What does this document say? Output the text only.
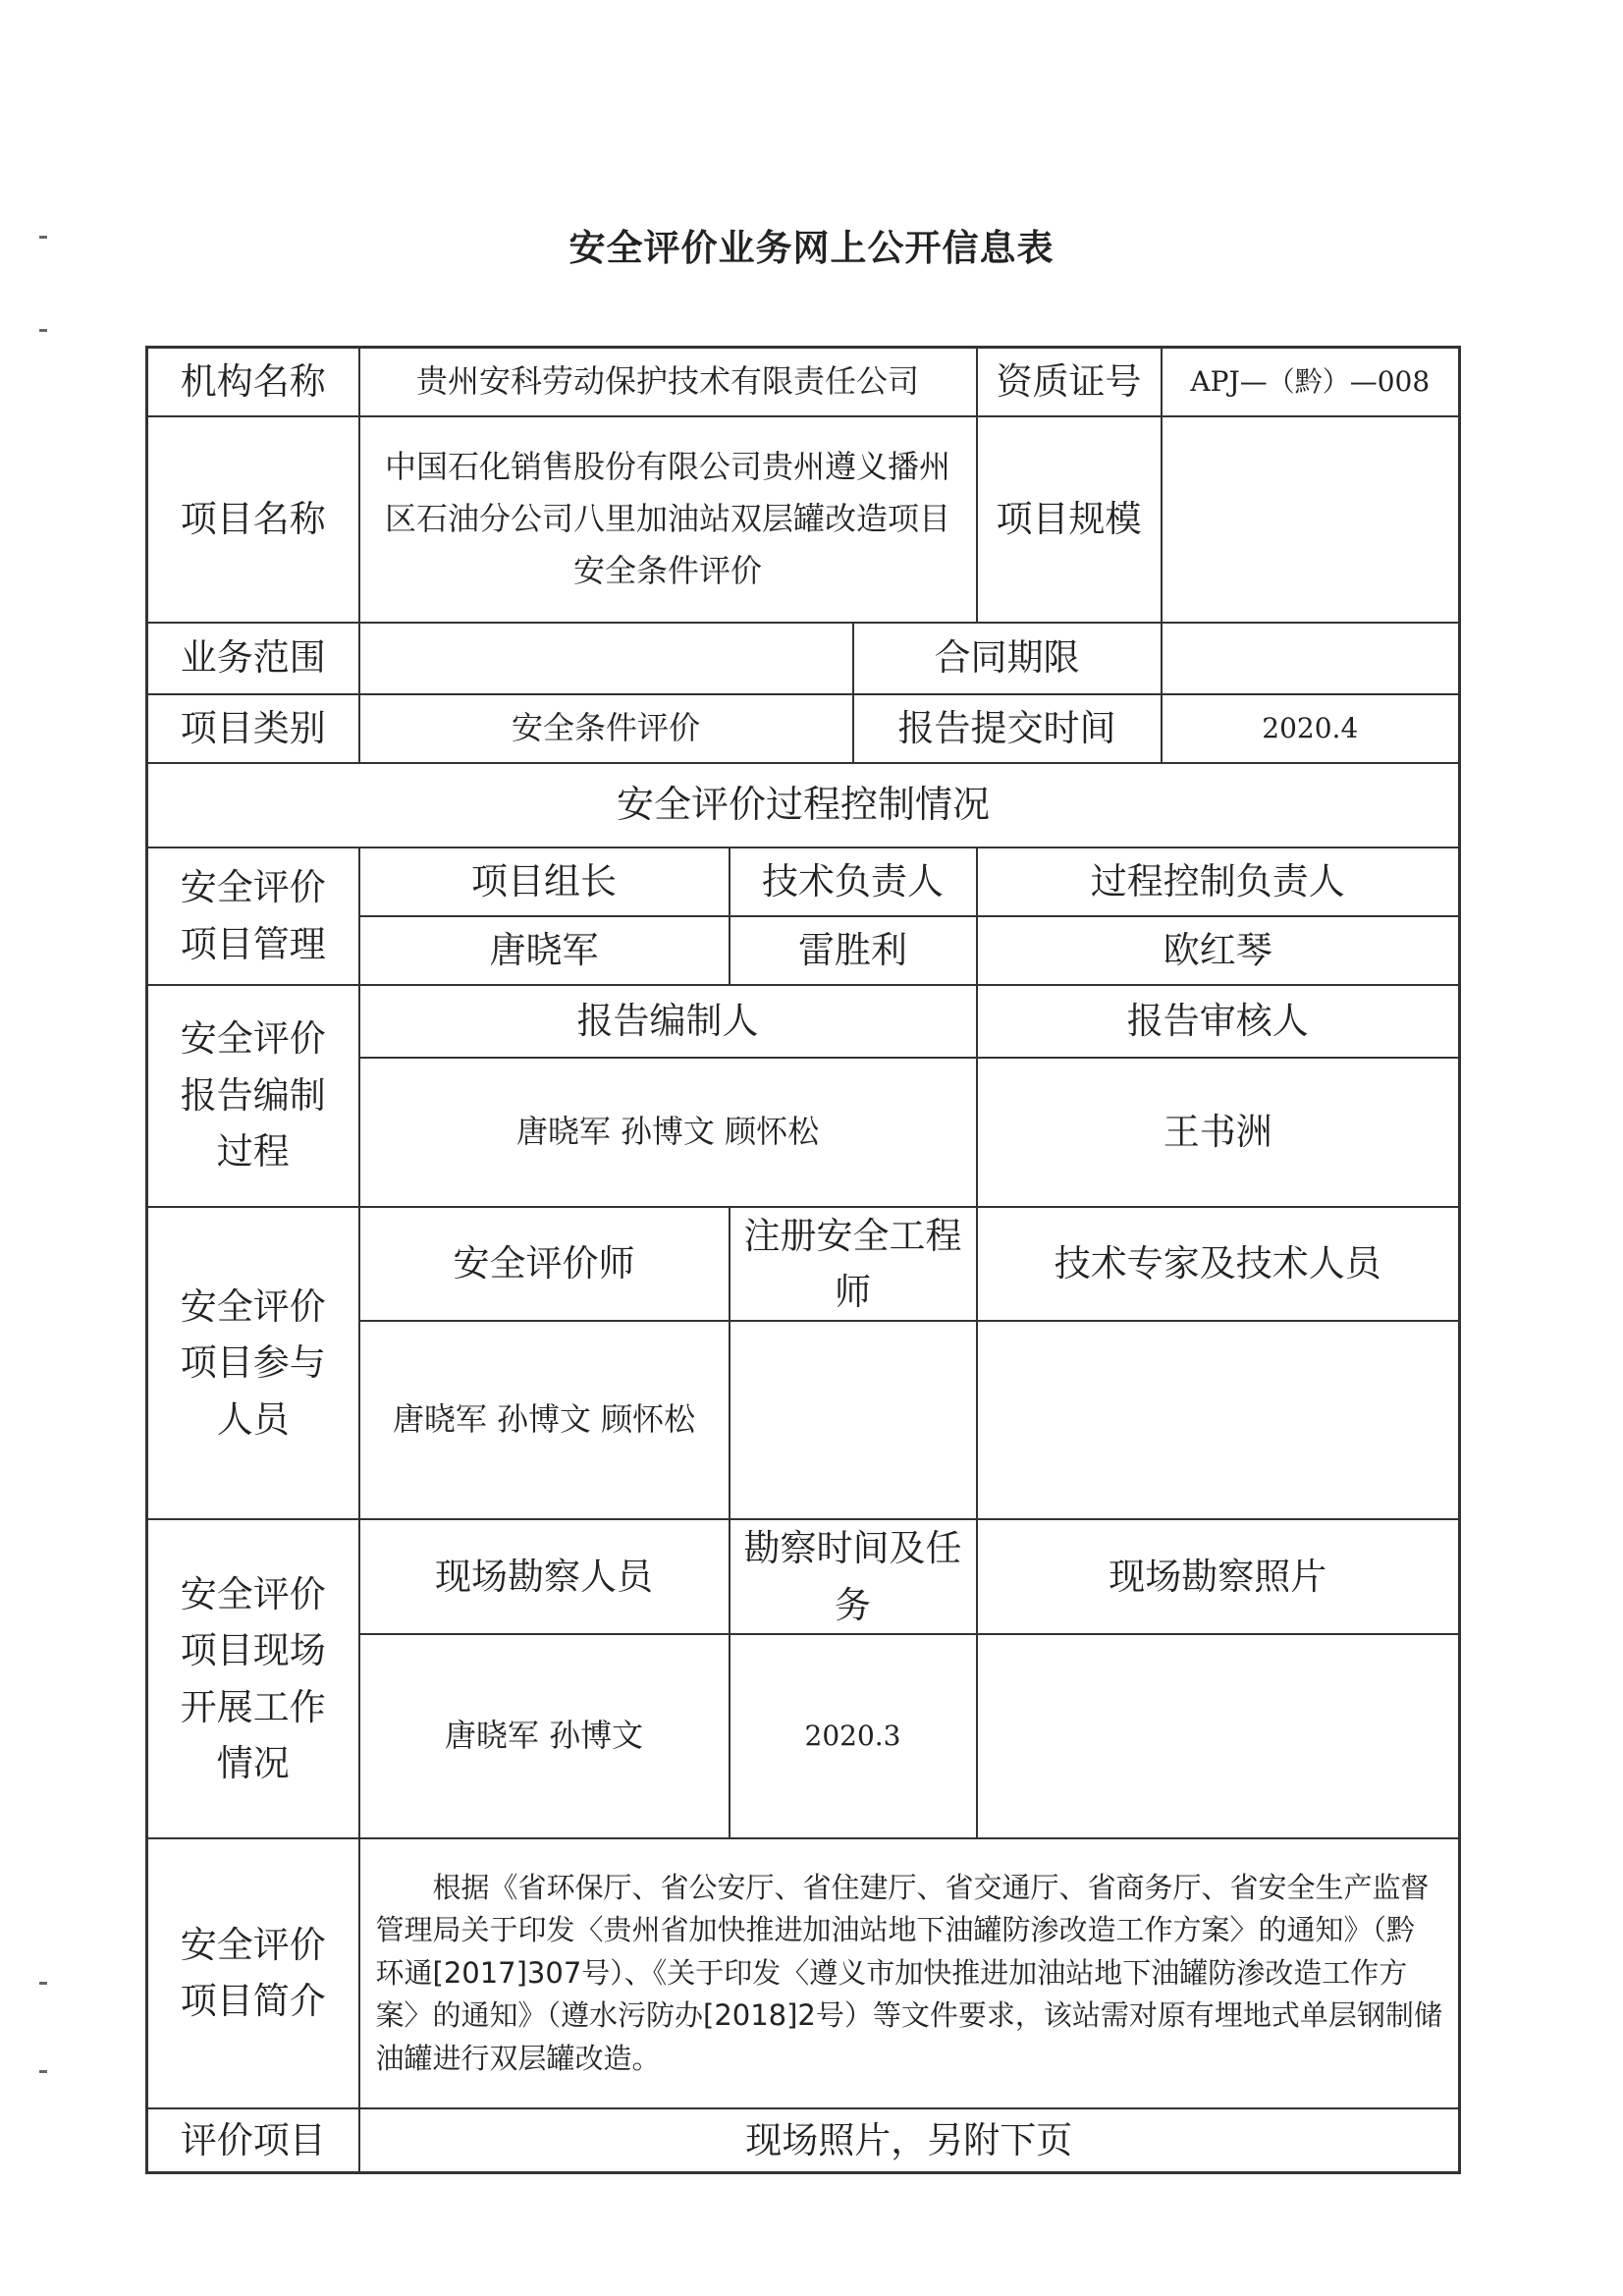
安全评价业务网上公开信息表
机构名称	贵州安科劳动保护技术有限责任公司			资质证号	APJ—（黔）—008
项目名称	中国石化销售股份有限公司贵州遵义播州区石油分公司八里加油站双层罐改造项目安全条件评价			项目规模	
业务范围			合同期限		
项目类别	安全条件评价		报告提交时间		2020.4
安全评价过程控制情况					
安全评价项目管理	项目组长	技术负责人		过程控制负责人	
	唐晓军	雷胜利		欧红琴	
安全评价报告编制过程	报告编制人			报告审核人	
	唐晓军 孙博文 顾怀松			王书洲	
安全评价项目参与人员	安全评价师	注册安全工程师		技术专家及技术人员	
	唐晓军 孙博文 顾怀松				
安全评价项目现场开展工作情况	现场勘察人员	勘察时间及任务		现场勘察照片	
	唐晓军 孙博文	2020.3			
安全评价项目简介	根据《省环保厅、省公安厅、省住建厅、省交通厅、省商务厅、省安全生产监督管理局关于印发〈贵州省加快推进加油站地下油罐防渗改造工作方案〉的通知》（黔环通[2017]307号）、《关于印发〈遵义市加快推进加油站地下油罐防渗改造工作方案〉的通知》（遵水污防办[2018]2号）等文件要求，该站需对原有埋地式单层钢制储油罐进行双层罐改造。				
评价项目	现场照片，另附下页				
